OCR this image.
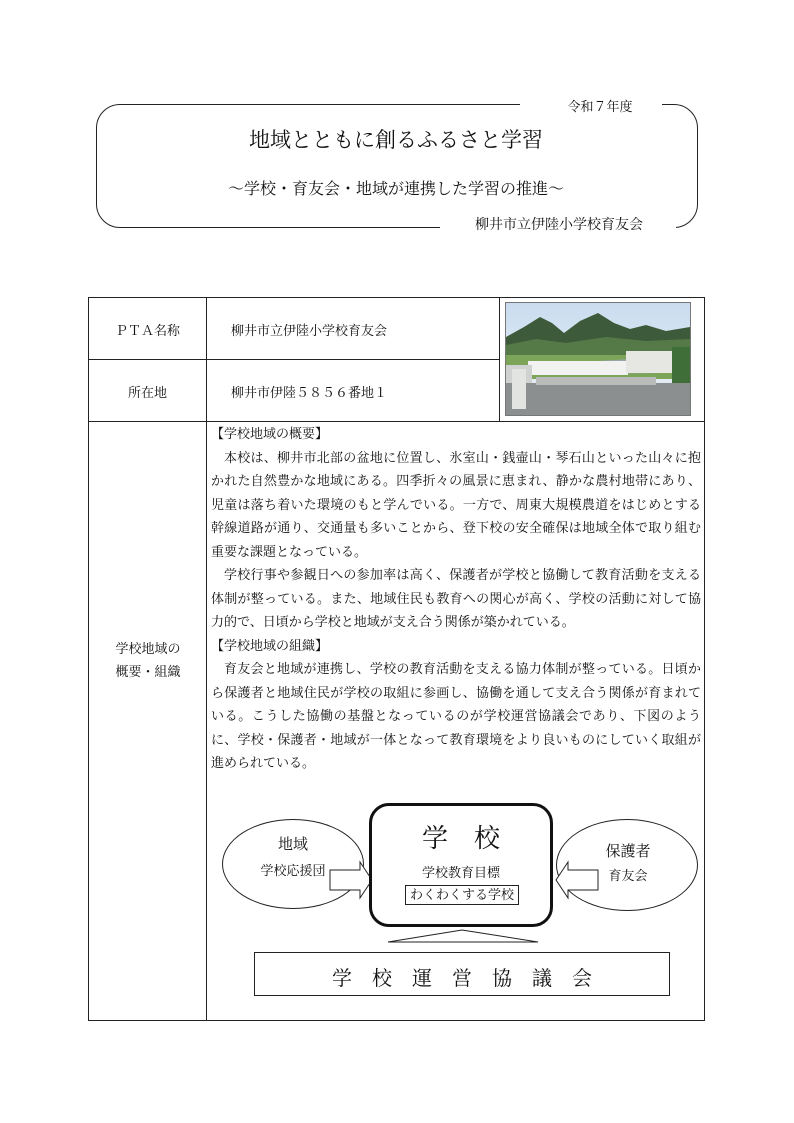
令和７年度
地域とともに創るふるさと学習
～学校・育友会・地域が連携した学習の推進～
柳井市立伊陸小学校育友会
ＰＴＡ名称	柳井市立伊陸小学校育友会
所在地	柳井市伊陸５８５６番地１
学校地域の
概要・組織

【学校地域の概要】

本校は、柳井市北部の盆地に位置し、氷室山・銭壷山・琴石山といった山々に抱かれた自然豊かな地域にある。四季折々の風景に恵まれ、静かな農村地帯にあり、児童は落ち着いた環境のもと学んでいる。一方で、周東大規模農道をはじめとする幹線道路が通り、交通量も多いことから、登下校の安全確保は地域全体で取り組む重要な課題となっている。

学校行事や参観日への参加率は高く、保護者が学校と協働して教育活動を支える体制が整っている。また、地域住民も教育への関心が高く、学校の活動に対して協力的で、日頃から学校と地域が支え合う関係が築かれている。

【学校地域の組織】

育友会と地域が連携し、学校の教育活動を支える協力体制が整っている。日頃から保護者と地域住民が学校の取組に参画し、協働を通して支え合う関係が育まれている。こうした協働の基盤となっているのが学校運営協議会であり、下図のように、学校・保護者・地域が一体となって教育環境をより良いものにしていく取組が進められている。

地域
学校応援団
保護者
育友会
学　校
学校教育目標
わくわくする学校
学　校　運　営　協　議　会
